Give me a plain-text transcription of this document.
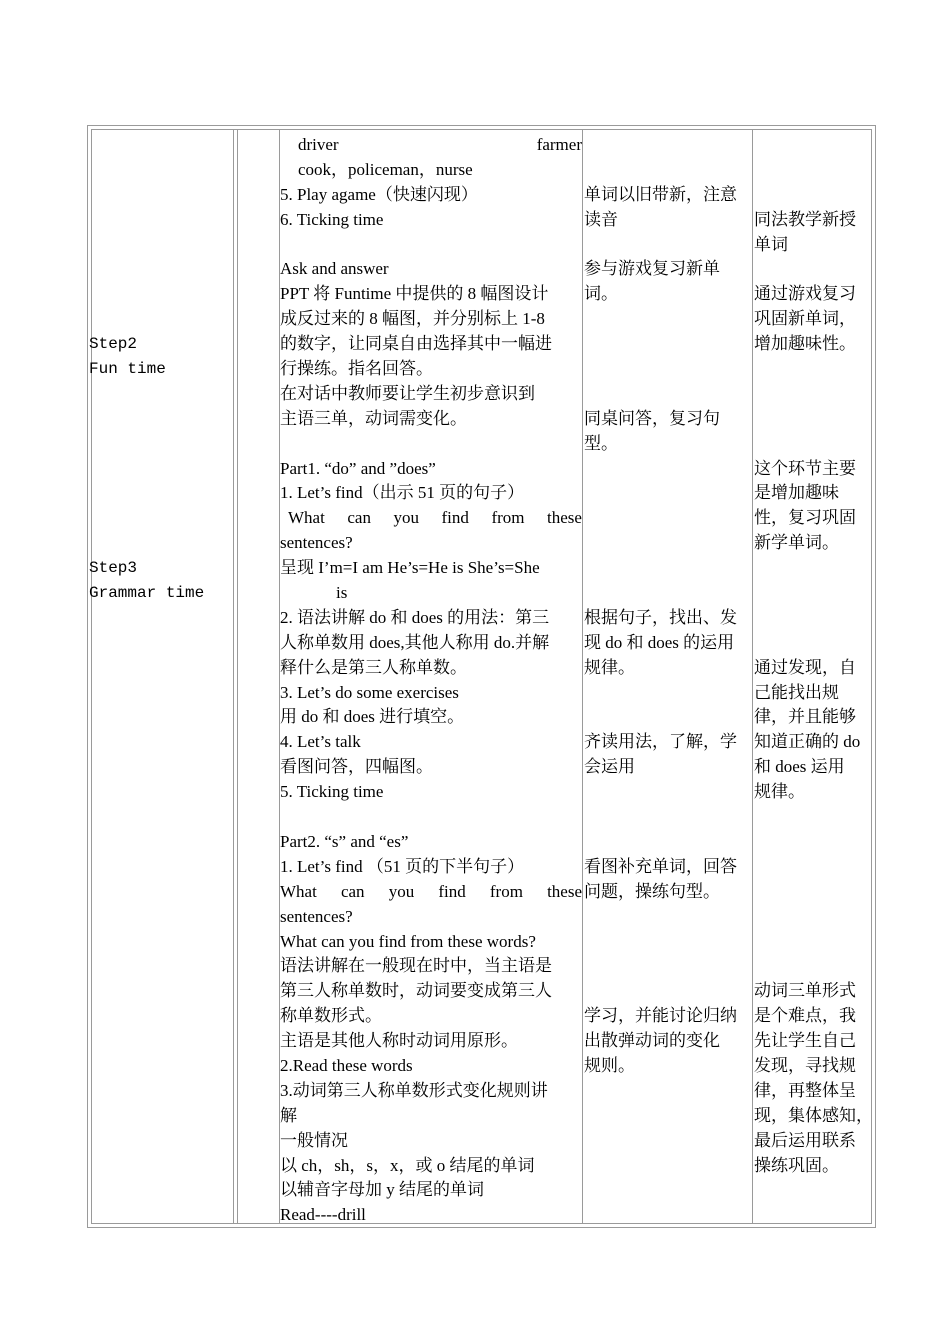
Step2
Fun time
Step3
Grammar time
driver	farmer
cook，policeman，nurse
5. Play agame（快速闪现）
6. Ticking time
Ask and answer
PPT 将 Funtime 中提供的 8 幅图设计
成反过来的 8 幅图，并分别标上 1-8
的数字，让同桌自由选择其中一幅进
行操练。指名回答。
在对话中教师要让学生初步意识到
主语三单，动词需变化。
Part1. “do” and ”does”
1. Let’s find（出示 51 页的句子）
What can you find from these
sentences?
呈现 I’m=I am He’s=He is She’s=She
is
2. 语法讲解 do 和 does 的用法：第三
人称单数用 does,其他人称用 do.并解
释什么是第三人称单数。
3. Let’s do some exercises
用 do 和 does 进行填空。
4. Let’s talk
看图问答，四幅图。
5. Ticking time
Part2. “s” and “es”
1. Let’s find （51 页的下半句子）
What can you find from these
sentences?
What can you find from these words?
语法讲解在一般现在时中，当主语是
第三人称单数时，动词要变成第三人
称单数形式。
主语是其他人称时动词用原形。
2.Read these words
3.动词第三人称单数形式变化规则讲
解
一般情况
以 ch，sh，s，x，或 o 结尾的单词
以辅音字母加 y 结尾的单词
Read----drill
单词以旧带新，注意
读音
参与游戏复习新单
词。
同桌问答，复习句
型。
根据句子，找出、发
现 do 和 does 的运用
规律。
齐读用法，了解，学
会运用
看图补充单词，回答
问题，操练句型。
学习，并能讨论归纳
出散弹动词的变化
规则。
同法教学新授
单词
通过游戏复习
巩固新单词，
增加趣味性。
这个环节主要
是增加趣味
性，复习巩固
新学单词。
通过发现，自
己能找出规
律，并且能够
知道正确的 do
和 does 运用
规律。
动词三单形式
是个难点，我
先让学生自己
发现，寻找规
律，再整体呈
现，集体感知，
最后运用联系
操练巩固。
